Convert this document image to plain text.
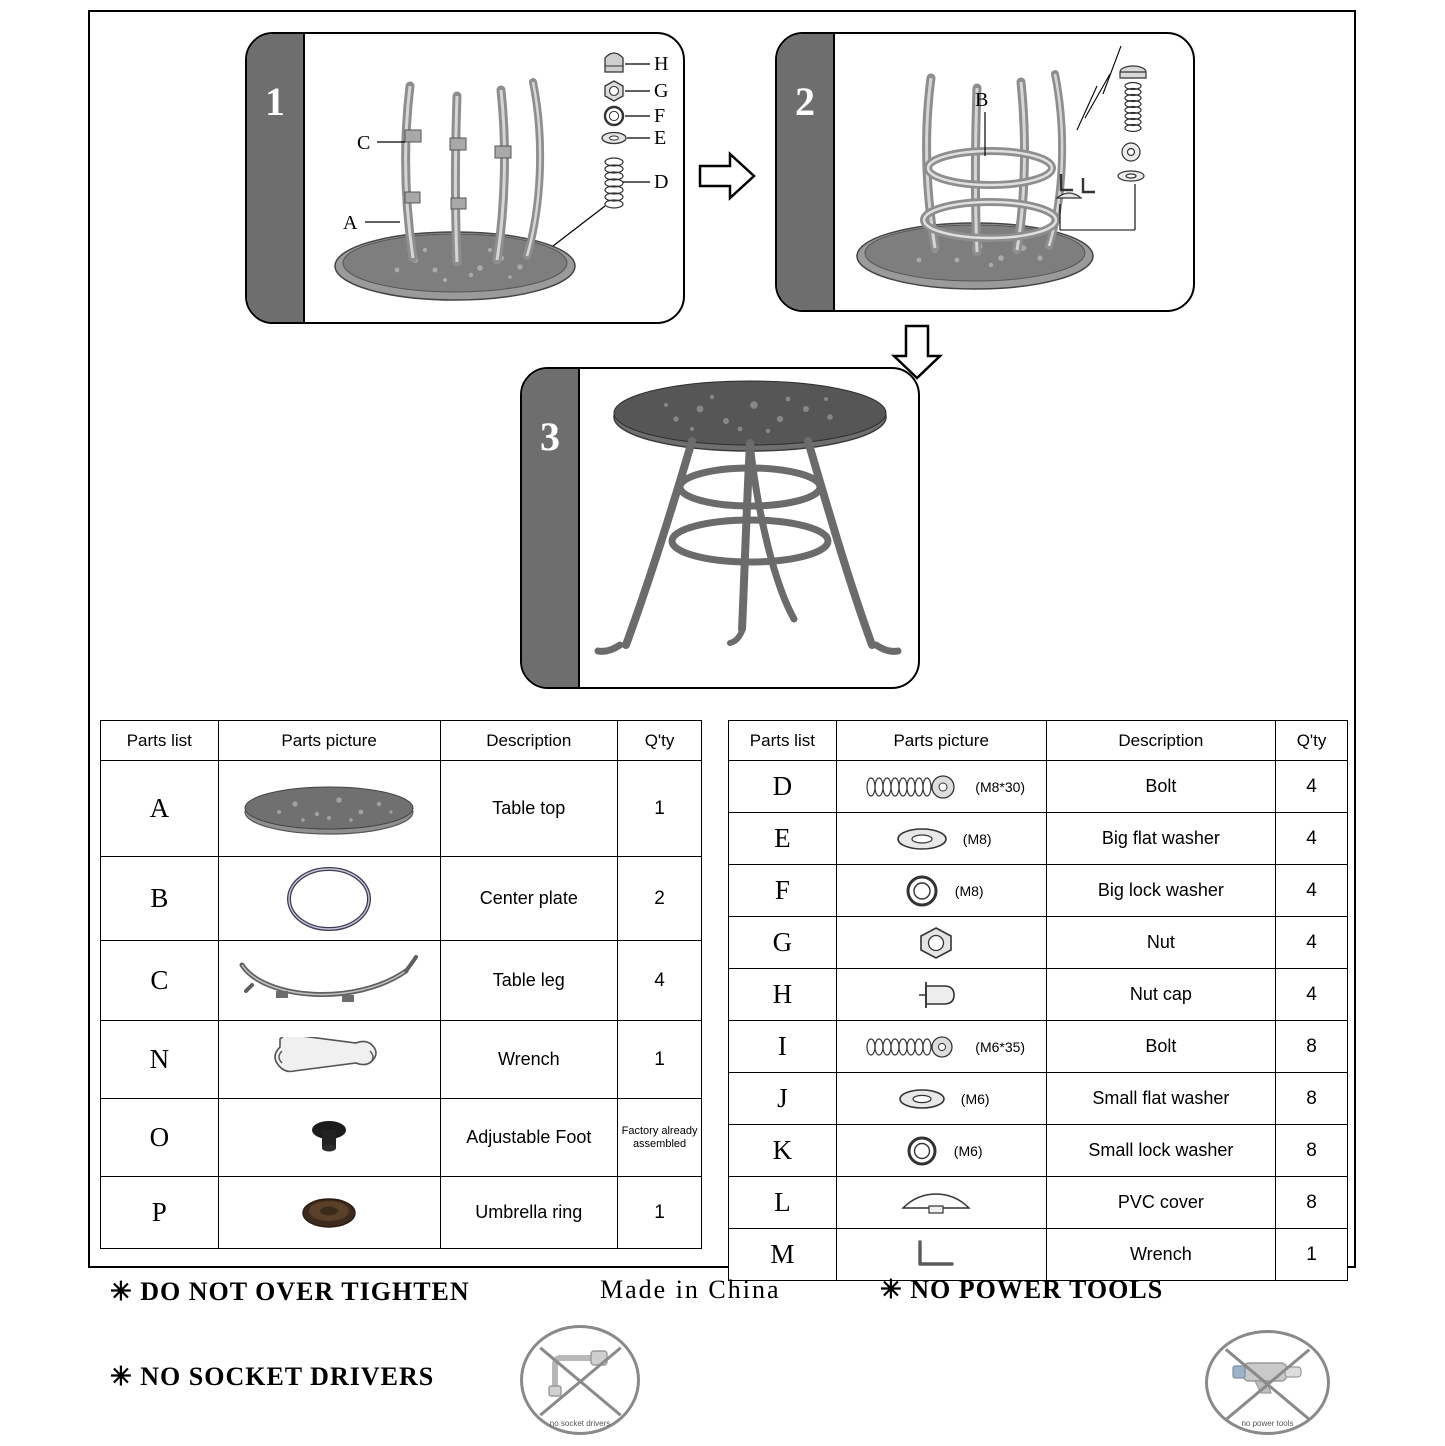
1
H
G
F
E
D
C
A
2	B
3
Parts list	Parts picture	Description	Q'ty
A		Table top	1
B		Center plate	2
C		Table leg	4
N		Wrench	1
O		Adjustable Foot	Factory already assembled
P		Umbrella ring	1
Parts list	Parts picture	Description	Q'ty
D	(M8*30)	Bolt	4
E	(M8)	Big flat washer	4
F	(M8)	Big lock washer	4
G		Nut	4
H		Nut cap	4
I	(M6*35)	Bolt	8
J	(M6)	Small flat washer	8
K	(M6)	Small lock washer	8
L		PVC cover	8
M		Wrench	1
✳ DO NOT OVER TIGHTEN
✳ NO SOCKET DRIVERS
Made in China	✳ NO POWER TOOLS
no socket drivers	no power tools
